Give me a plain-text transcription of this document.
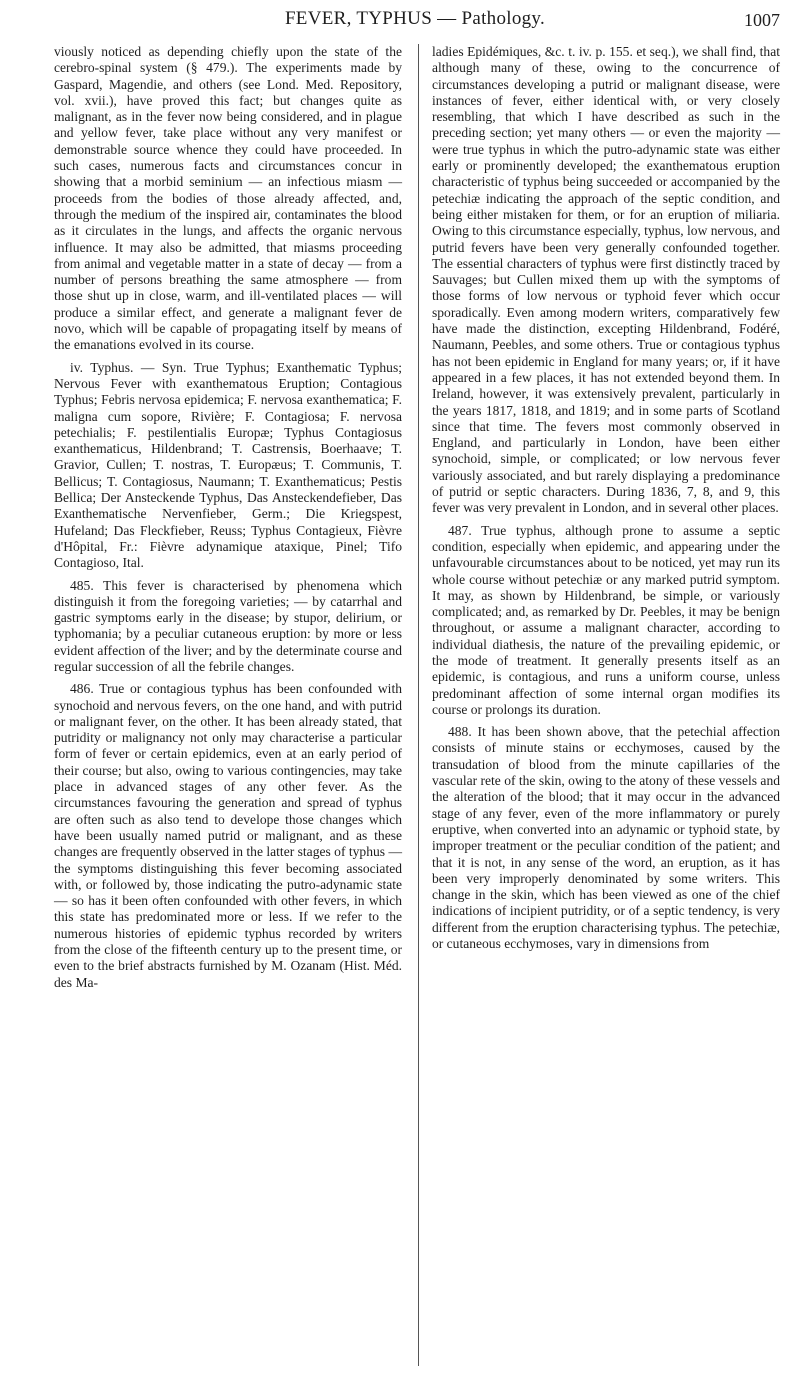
FEVER, TYPHUS — Pathology.	1007

viously noticed as depending chiefly upon the state of the cerebro-spinal system (§ 479.). The experiments made by Gaspard, Magendie, and others (see Lond. Med. Repository, vol. xvii.), have proved this fact; but changes quite as malignant, as in the fever now being considered, and in plague and yellow fever, take place without any very manifest or demonstrable source whence they could have proceeded. In such cases, numerous facts and circumstances concur in showing that a morbid seminium — an infectious miasm — proceeds from the bodies of those already affected, and, through the medium of the inspired air, contaminates the blood as it circulates in the lungs, and affects the organic nervous influence. It may also be admitted, that miasms proceeding from animal and vegetable matter in a state of decay — from a number of persons breathing the same atmosphere — from those shut up in close, warm, and ill-ventilated places — will produce a similar effect, and generate a malignant fever de novo, which will be capable of propagating itself by means of the emanations evolved in its course.

iv. Typhus. — Syn. True Typhus; Exanthematic Typhus; Nervous Fever with exanthematous Eruption; Contagious Typhus; Febris nervosa epidemica; F. nervosa exanthematica; F. maligna cum sopore, Rivière; F. Contagiosa; F. nervosa petechialis; F. pestilentialis Europæ; Typhus Contagiosus exanthematicus, Hildenbrand; T. Castrensis, Boerhaave; T. Gravior, Cullen; T. nostras, T. Europæus; T. Communis, T. Bellicus; T. Contagiosus, Naumann; T. Exanthematicus; Pestis Bellica; Der Ansteckende Typhus, Das Ansteckendefieber, Das Exanthematische Nervenfieber, Germ.; Die Kriegspest, Hufeland; Das Fleckfieber, Reuss; Typhus Contagieux, Fièvre d'Hôpital, Fr.: Fièvre adynamique ataxique, Pinel; Tifo Contagioso, Ital.

485. This fever is characterised by phenomena which distinguish it from the foregoing varieties; — by catarrhal and gastric symptoms early in the disease; by stupor, delirium, or typhomania; by a peculiar cutaneous eruption: by more or less evident affection of the liver; and by the determinate course and regular succession of all the febrile changes.

486. True or contagious typhus has been confounded with synochoid and nervous fevers, on the one hand, and with putrid or malignant fever, on the other. It has been already stated, that putridity or malignancy not only may characterise a particular form of fever or certain epidemics, even at an early period of their course; but also, owing to various contingencies, may take place in advanced stages of any other fever. As the circumstances favouring the generation and spread of typhus are often such as also tend to develope those changes which have been usually named putrid or malignant, and as these changes are frequently observed in the latter stages of typhus — the symptoms distinguishing this fever becoming associated with, or followed by, those indicating the putro-adynamic state — so has it been often confounded with other fevers, in which this state has predominated more or less. If we refer to the numerous histories of epidemic typhus recorded by writers from the close of the fifteenth century up to the present time, or even to the brief abstracts furnished by M. Ozanam (Hist. Méd. des Ma-

ladies Epidémiques, &c. t. iv. p. 155. et seq.), we shall find, that although many of these, owing to the concurrence of circumstances developing a putrid or malignant disease, were instances of fever, either identical with, or very closely resembling, that which I have described as such in the preceding section; yet many others — or even the majority — were true typhus in which the putro-adynamic state was either early or prominently developed; the exanthematous eruption characteristic of typhus being succeeded or accompanied by the petechiæ indicating the approach of the septic condition, and being either mistaken for them, or for an eruption of miliaria. Owing to this circumstance especially, typhus, low nervous, and putrid fevers have been very generally confounded together. The essential characters of typhus were first distinctly traced by Sauvages; but Cullen mixed them up with the symptoms of those forms of low nervous or typhoid fever which occur sporadically. Even among modern writers, comparatively few have made the distinction, excepting Hildenbrand, Fodéré, Naumann, Peebles, and some others. True or contagious typhus has not been epidemic in England for many years; or, if it have appeared in a few places, it has not extended beyond them. In Ireland, however, it was extensively prevalent, particularly in the years 1817, 1818, and 1819; and in some parts of Scotland since that time. The fevers most commonly observed in England, and particularly in London, have been either synochoid, simple, or complicated; or low nervous fever variously associated, and but rarely displaying a predominance of putrid or septic characters. During 1836, 7, 8, and 9, this fever was very prevalent in London, and in several other places.

487. True typhus, although prone to assume a septic condition, especially when epidemic, and appearing under the unfavourable circumstances about to be noticed, yet may run its whole course without petechiæ or any marked putrid symptom. It may, as shown by Hildenbrand, be simple, or variously complicated; and, as remarked by Dr. Peebles, it may be benign throughout, or assume a malignant character, according to individual diathesis, the nature of the prevailing epidemic, or the mode of treatment. It generally presents itself as an epidemic, is contagious, and runs a uniform course, unless predominant affection of some internal organ modifies its course or prolongs its duration.

488. It has been shown above, that the petechial affection consists of minute stains or ecchymoses, caused by the transudation of blood from the minute capillaries of the vascular rete of the skin, owing to the atony of these vessels and the alteration of the blood; that it may occur in the advanced stage of any fever, even of the more inflammatory or purely eruptive, when converted into an adynamic or typhoid state, by improper treatment or the peculiar condition of the patient; and that it is not, in any sense of the word, an eruption, as it has been very improperly denominated by some writers. This change in the skin, which has been viewed as one of the chief indications of incipient putridity, or of a septic tendency, is very different from the eruption characterising typhus. The petechiæ, or cutaneous ecchymoses, vary in dimensions from
